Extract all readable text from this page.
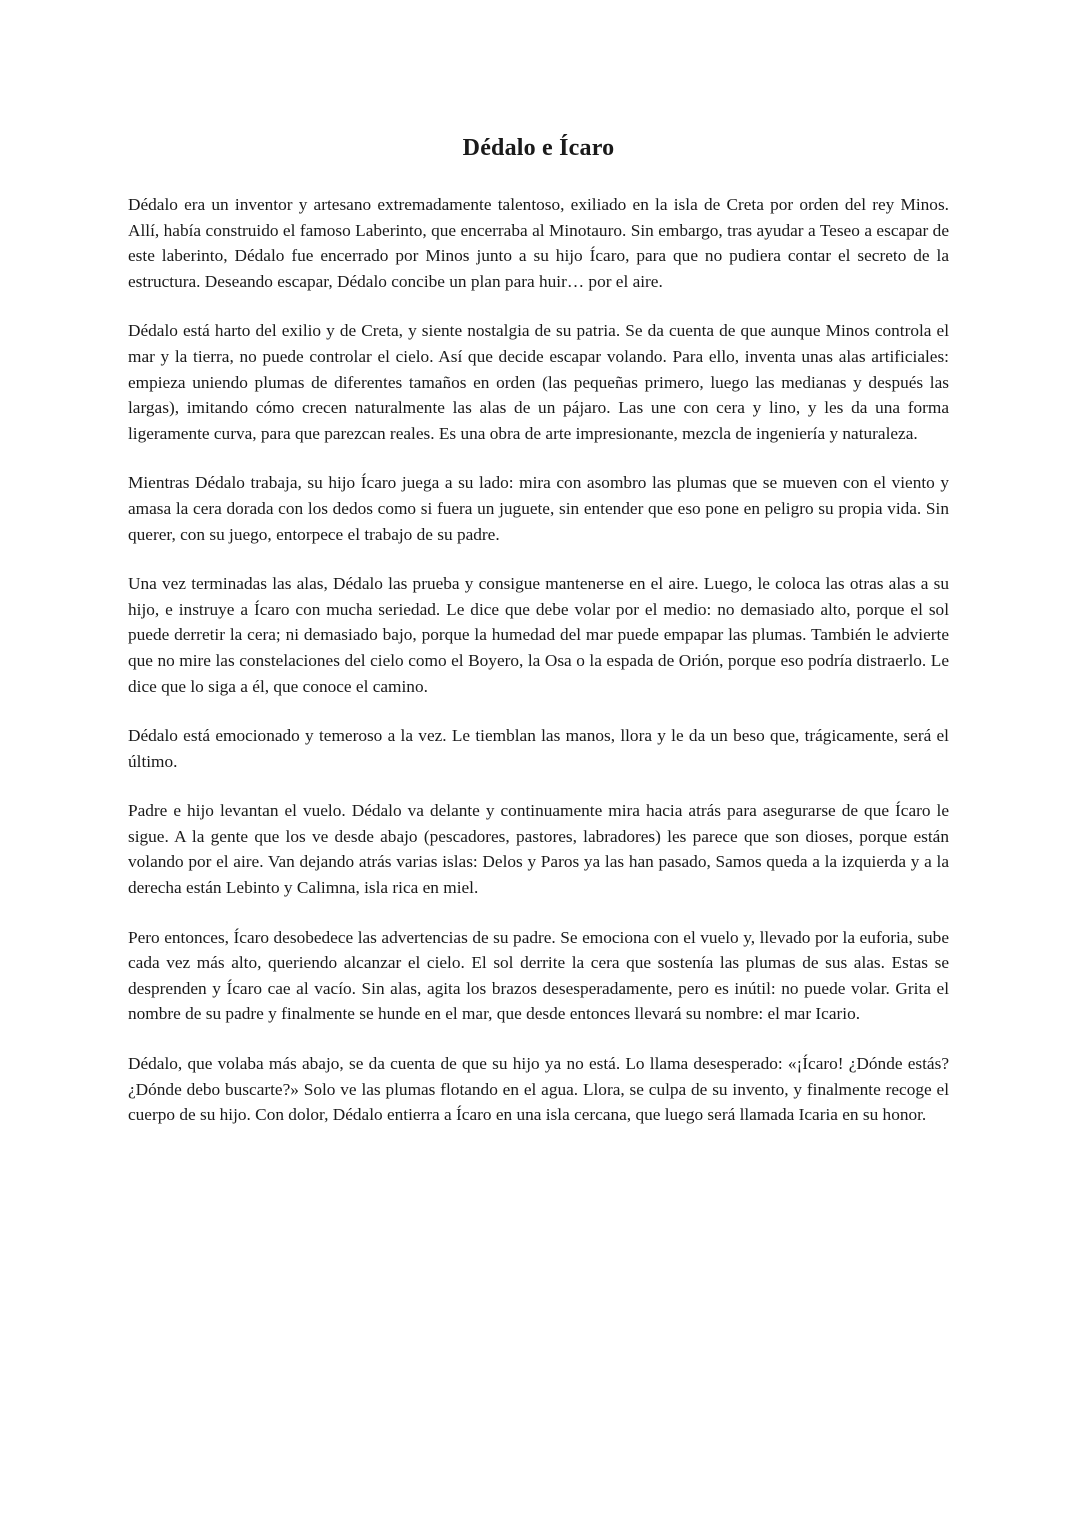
Dédalo e Ícaro

Dédalo era un inventor y artesano extremadamente talentoso, exiliado en la isla de Creta por orden del rey Minos. Allí, había construido el famoso Laberinto, que encerraba al Minotauro. Sin embargo, tras ayudar a Teseo a escapar de este laberinto, Dédalo fue encerrado por Minos junto a su hijo Ícaro, para que no pudiera contar el secreto de la estructura. Deseando escapar, Dédalo concibe un plan para huir… por el aire.

Dédalo está harto del exilio y de Creta, y siente nostalgia de su patria. Se da cuenta de que aunque Minos controla el mar y la tierra, no puede controlar el cielo. Así que decide escapar volando. Para ello, inventa unas alas artificiales: empieza uniendo plumas de diferentes tamaños en orden (las pequeñas primero, luego las medianas y después las largas), imitando cómo crecen naturalmente las alas de un pájaro. Las une con cera y lino, y les da una forma ligeramente curva, para que parezcan reales. Es una obra de arte impresionante, mezcla de ingeniería y naturaleza.

Mientras Dédalo trabaja, su hijo Ícaro juega a su lado: mira con asombro las plumas que se mueven con el viento y amasa la cera dorada con los dedos como si fuera un juguete, sin entender que eso pone en peligro su propia vida. Sin querer, con su juego, entorpece el trabajo de su padre.

Una vez terminadas las alas, Dédalo las prueba y consigue mantenerse en el aire. Luego, le coloca las otras alas a su hijo, e instruye a Ícaro con mucha seriedad. Le dice que debe volar por el medio: no demasiado alto, porque el sol puede derretir la cera; ni demasiado bajo, porque la humedad del mar puede empapar las plumas. También le advierte que no mire las constelaciones del cielo como el Boyero, la Osa o la espada de Orión, porque eso podría distraerlo. Le dice que lo siga a él, que conoce el camino.

Dédalo está emocionado y temeroso a la vez. Le tiemblan las manos, llora y le da un beso que, trágicamente, será el último.

Padre e hijo levantan el vuelo. Dédalo va delante y continuamente mira hacia atrás para asegurarse de que Ícaro le sigue. A la gente que los ve desde abajo (pescadores, pastores, labradores) les parece que son dioses, porque están volando por el aire. Van dejando atrás varias islas: Delos y Paros ya las han pasado, Samos queda a la izquierda y a la derecha están Lebinto y Calimna, isla rica en miel.

Pero entonces, Ícaro desobedece las advertencias de su padre. Se emociona con el vuelo y, llevado por la euforia, sube cada vez más alto, queriendo alcanzar el cielo. El sol derrite la cera que sostenía las plumas de sus alas. Estas se desprenden y Ícaro cae al vacío. Sin alas, agita los brazos desesperadamente, pero es inútil: no puede volar. Grita el nombre de su padre y finalmente se hunde en el mar, que desde entonces llevará su nombre: el mar Icario.

Dédalo, que volaba más abajo, se da cuenta de que su hijo ya no está. Lo llama desesperado: «¡Ícaro! ¿Dónde estás? ¿Dónde debo buscarte?» Solo ve las plumas flotando en el agua. Llora, se culpa de su invento, y finalmente recoge el cuerpo de su hijo. Con dolor, Dédalo entierra a Ícaro en una isla cercana, que luego será llamada Icaria en su honor.
